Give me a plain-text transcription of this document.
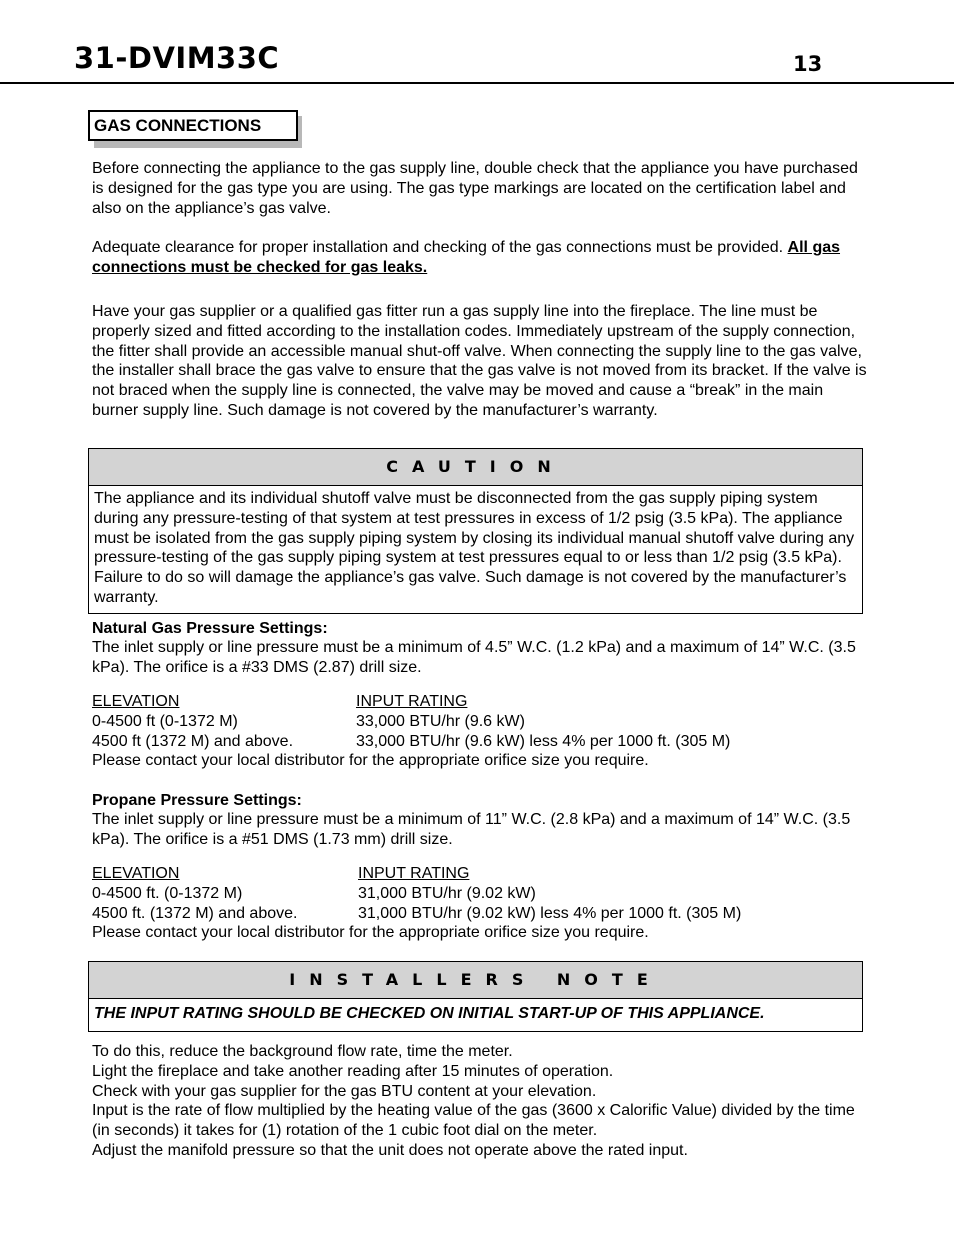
31-DVIM33C	13
GAS CONNECTIONS
Before connecting the appliance to the gas supply line, double check that the appliance you have purchased is designed for the gas type you are using. The gas type markings are located on the certification label and also on the appliance’s gas valve.
Adequate clearance for proper installation and checking of the gas connections must be provided. All gas connections must be checked for gas leaks.
Have your gas supplier or a qualified gas fitter run a gas supply line into the fireplace. The line must be properly sized and fitted according to the installation codes. Immediately upstream of the supply connection, the fitter shall provide an accessible manual shut-off valve. When connecting the supply line to the gas valve, the installer shall brace the gas valve to ensure that the gas valve is not moved from its bracket. If the valve is not braced when the supply line is connected, the valve may be moved and cause a “break” in the main burner supply line. Such damage is not covered by the manufacturer’s warranty.
CAUTION
The appliance and its individual shutoff valve must be disconnected from the gas supply piping system during any pressure-testing of that system at test pressures in excess of 1/2 psig (3.5 kPa). The appliance must be isolated from the gas supply piping system by closing its individual manual shutoff valve during any pressure-testing of the gas supply piping system at test pressures equal to or less than 1/2 psig (3.5 kPa). Failure to do so will damage the appliance’s gas valve. Such damage is not covered by the manufacturer’s warranty.
Natural Gas Pressure Settings:
The inlet supply or line pressure must be a minimum of 4.5” W.C. (1.2 kPa) and a maximum of 14” W.C. (3.5 kPa). The orifice is a #33 DMS (2.87) drill size.
ELEVATION	INPUT RATING
0-4500 ft (0-1372 M)	33,000 BTU/hr (9.6 kW)
4500 ft (1372 M) and above.	33,000 BTU/hr (9.6 kW) less 4% per 1000 ft. (305 M)
Please contact your local distributor for the appropriate orifice size you require.
Propane Pressure Settings:
The inlet supply or line pressure must be a minimum of 11” W.C. (2.8 kPa) and a maximum of 14” W.C. (3.5 kPa). The orifice is a #51 DMS (1.73 mm) drill size.
ELEVATION	INPUT RATING
0-4500 ft. (0-1372 M)	31,000 BTU/hr (9.02 kW)
4500 ft. (1372 M) and above.	31,000 BTU/hr (9.02 kW) less 4% per 1000 ft. (305 M)
Please contact your local distributor for the appropriate orifice size you require.
INSTALLERS NOTE
THE INPUT RATING SHOULD BE CHECKED ON INITIAL START-UP OF THIS APPLIANCE.
To do this, reduce the background flow rate, time the meter.
Light the fireplace and take another reading after 15 minutes of operation.
Check with your gas supplier for the gas BTU content at your elevation.
Input is the rate of flow multiplied by the heating value of the gas (3600 x Calorific Value) divided by the time (in seconds) it takes for (1) rotation of the 1 cubic foot dial on the meter.
Adjust the manifold pressure so that the unit does not operate above the rated input.
